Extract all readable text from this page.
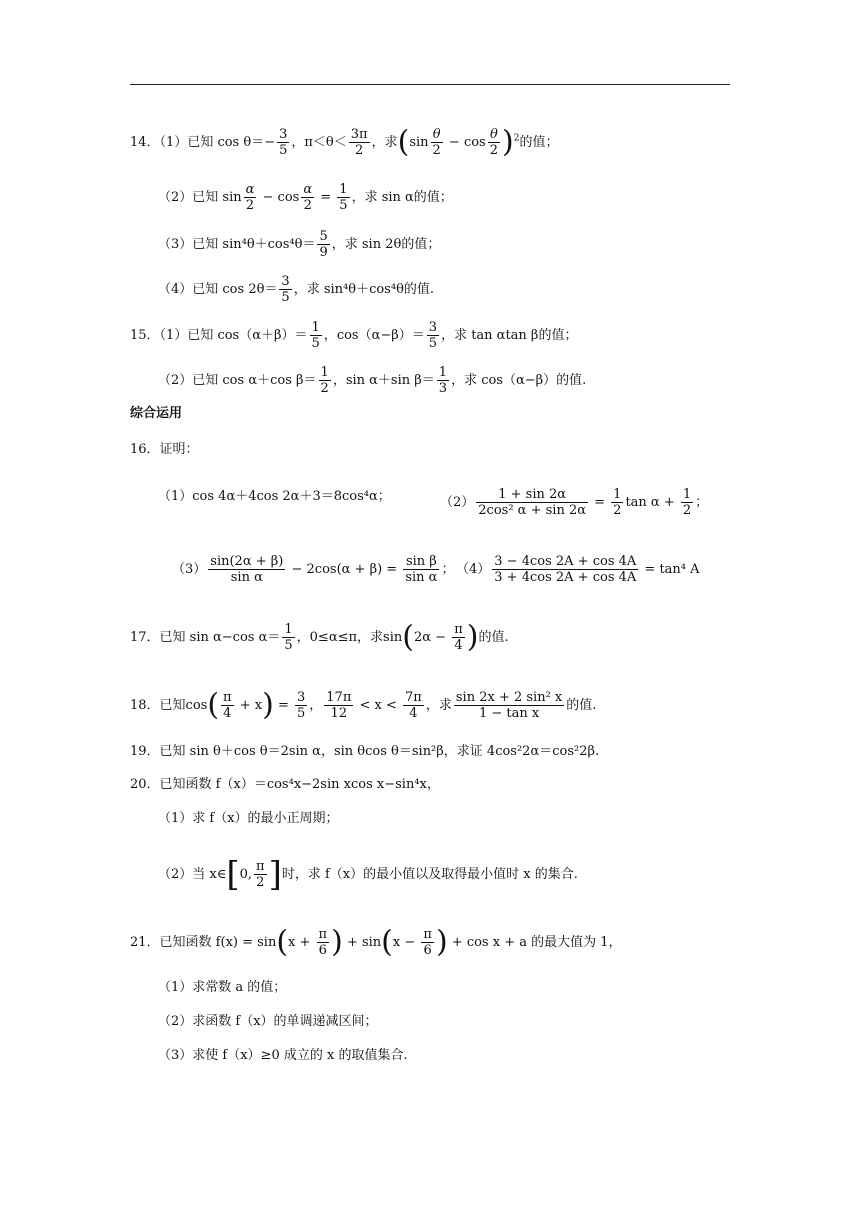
14．（1）已知 $\cos \theta=- \frac{3}{5}$ ，$\pi<\theta< \frac{3\pi}{2}$ ，求$(\sin \frac{\theta}{2} - \cos \frac{\theta}{2} )^2$的值；
（2）已知 $\sin \frac{\alpha}{2} - \cos \frac{\alpha}{2} = \frac{1}{5}$ ，求 sin α的值；
（3）已知 $\sin^4\theta+\cos^4\theta= \frac{5}{9}$ ，求 sin 2θ的值；
（4）已知 $\cos 2\theta= \frac{3}{5}$ ，求 sin⁴θ＋cos⁴θ的值.
15．（1）已知 $\cos(\alpha+\beta)= \frac{1}{5}$ ，$\cos(\alpha-\beta)= \frac{3}{5}$ ，求 tan αtan β的值；
（2）已知 cos α＋cos $\beta= \frac{1}{2}$ ，sin α＋sin $\beta= \frac{1}{3}$ ，求 cos（α−β）的值.
综合运用
16．证明：
（1）cos 4α＋4cos 2α＋3＝8cos⁴α；	$(2) \frac{1 + \sin 2\alpha}{\text{2cos² α + sin 2α}} = \frac{1}{2}$ $\tan \alpha + \frac{1}{2}$ ；
$(3) \frac{\sin(2\alpha + \beta)}{\text{sin α}} - 2\cos(\alpha + \beta) = \frac{\text{sin β}}{\text{sin α}}$ ； $(4) \frac{3 - 4\cos 2A + \cos 4A}{3 + 4\cos 2A + \cos 4A} = \tan^4$ A
17．已知 sin α−cos $\alpha= \frac{1}{5}$ ，0≤α≤π，求$\sin(2\alpha - \frac{\pi}{4}$ )的值.
18．已知$\cos( \frac{\pi}{4} + x) = \frac{3}{5}$ ， $\frac{17\pi}{12} < x < \frac{7\pi}{4}$ ，求 $\frac{\text{sin 2x + 2 sin² x}}{\text{1 − tan x}}$ 的值.
19．已知 sin θ＋cos θ＝2sin α，sin θcos θ＝sin²β，求证 4cos²2α＝cos²2β.
20．已知函数 f（x）＝cos⁴x−2sin xcos x−sin⁴x，
（1）求 f（x）的最小正周期；
（2）当 x∈[0, $\frac{\pi}{2}$ ]时，求 f（x）的最小值以及取得最小值时 x 的集合.
21．已知函数 $f(x) = \sin(x + \frac{\pi}{6}$ ) + $\sin(x - \frac{\pi}{6}$ ) + cos x + a 的最大值为 1，
（1）求常数 a 的值；
（2）求函数 f（x）的单调递减区间；
（3）求使 f（x）≥0 成立的 x 的取值集合.
